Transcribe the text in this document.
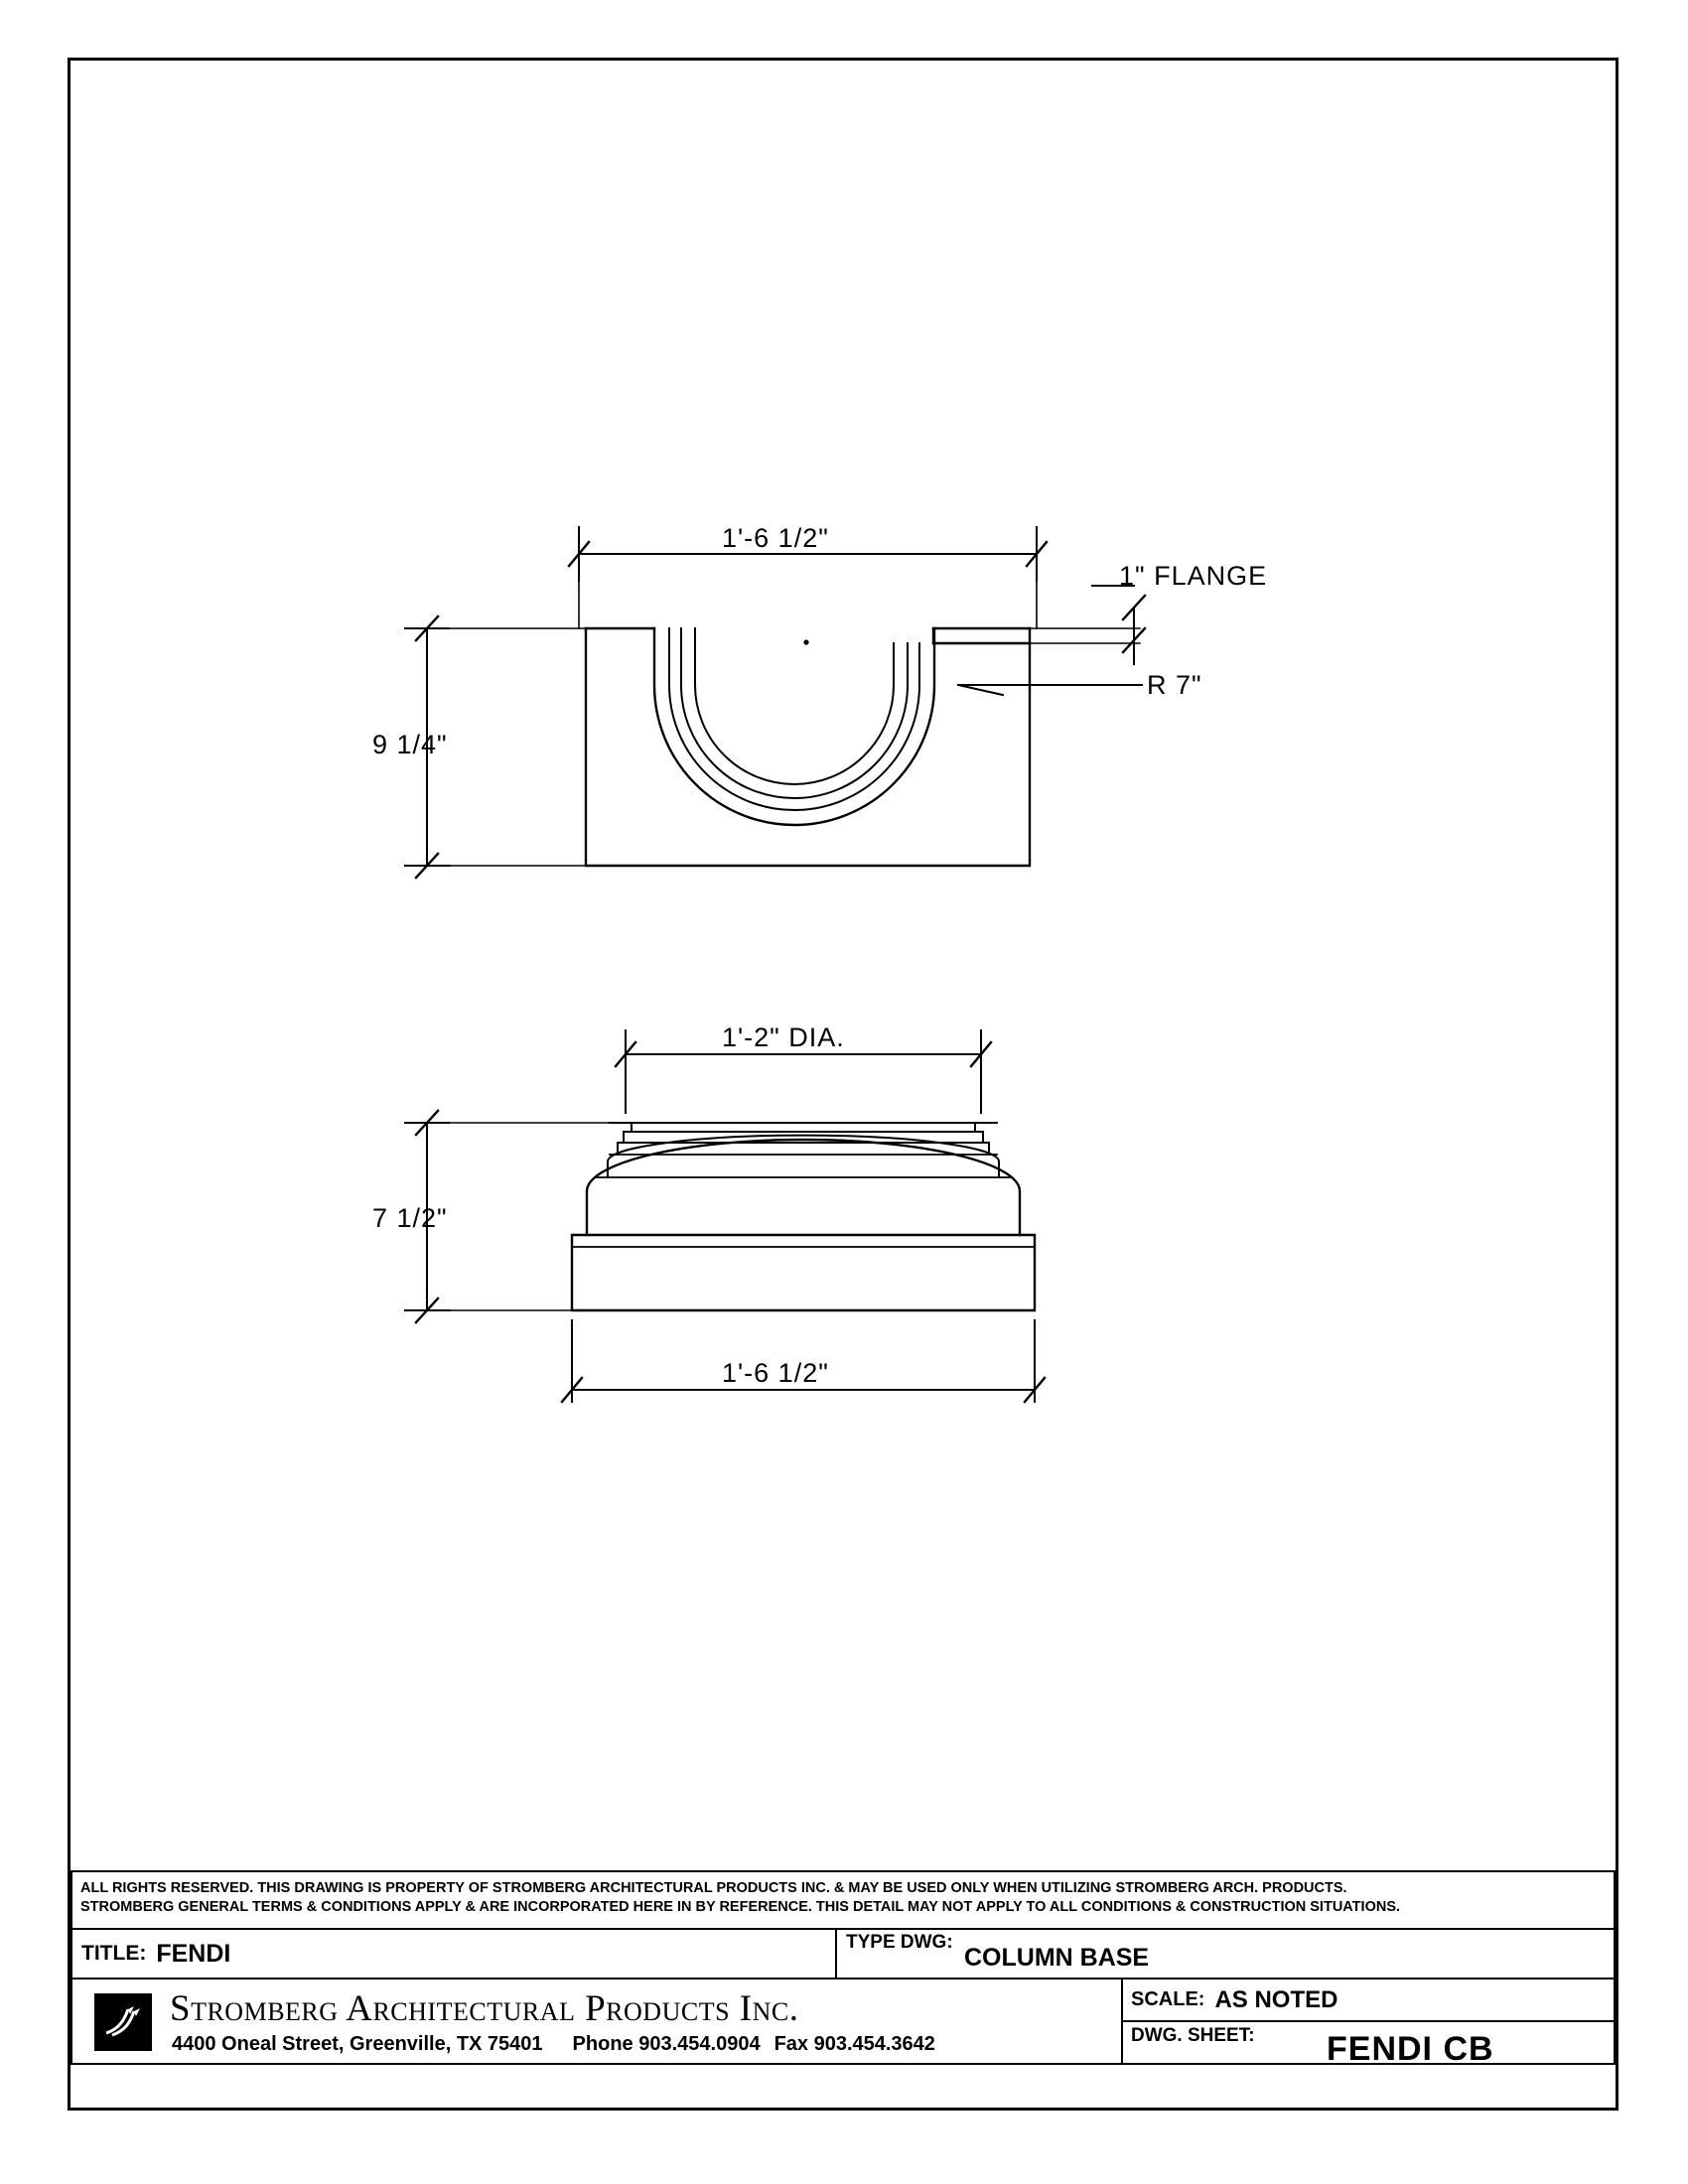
1'-6 1/2"
9 1/4"
1" FLANGE
R 7"
1'-2" DIA.
7 1/2"
1'-6 1/2"
ALL RIGHTS RESERVED. THIS DRAWING IS PROPERTY OF STROMBERG ARCHITECTURAL PRODUCTS INC. & MAY BE USED ONLY WHEN UTILIZING STROMBERG ARCH. PRODUCTS.
STROMBERG GENERAL TERMS & CONDITIONS APPLY & ARE INCORPORATED HERE IN BY REFERENCE. THIS DETAIL MAY NOT APPLY TO ALL CONDITIONS & CONSTRUCTION SITUATIONS.
TITLE: FENDI	TYPE DWG:
COLUMN BASE
Stromberg Architectural Products Inc.
4400 Oneal Street, Greenville, TX 75401 Phone 903.454.0904 Fax 903.454.3642
SCALE: AS NOTED
DWG. SHEET: FENDI CB
